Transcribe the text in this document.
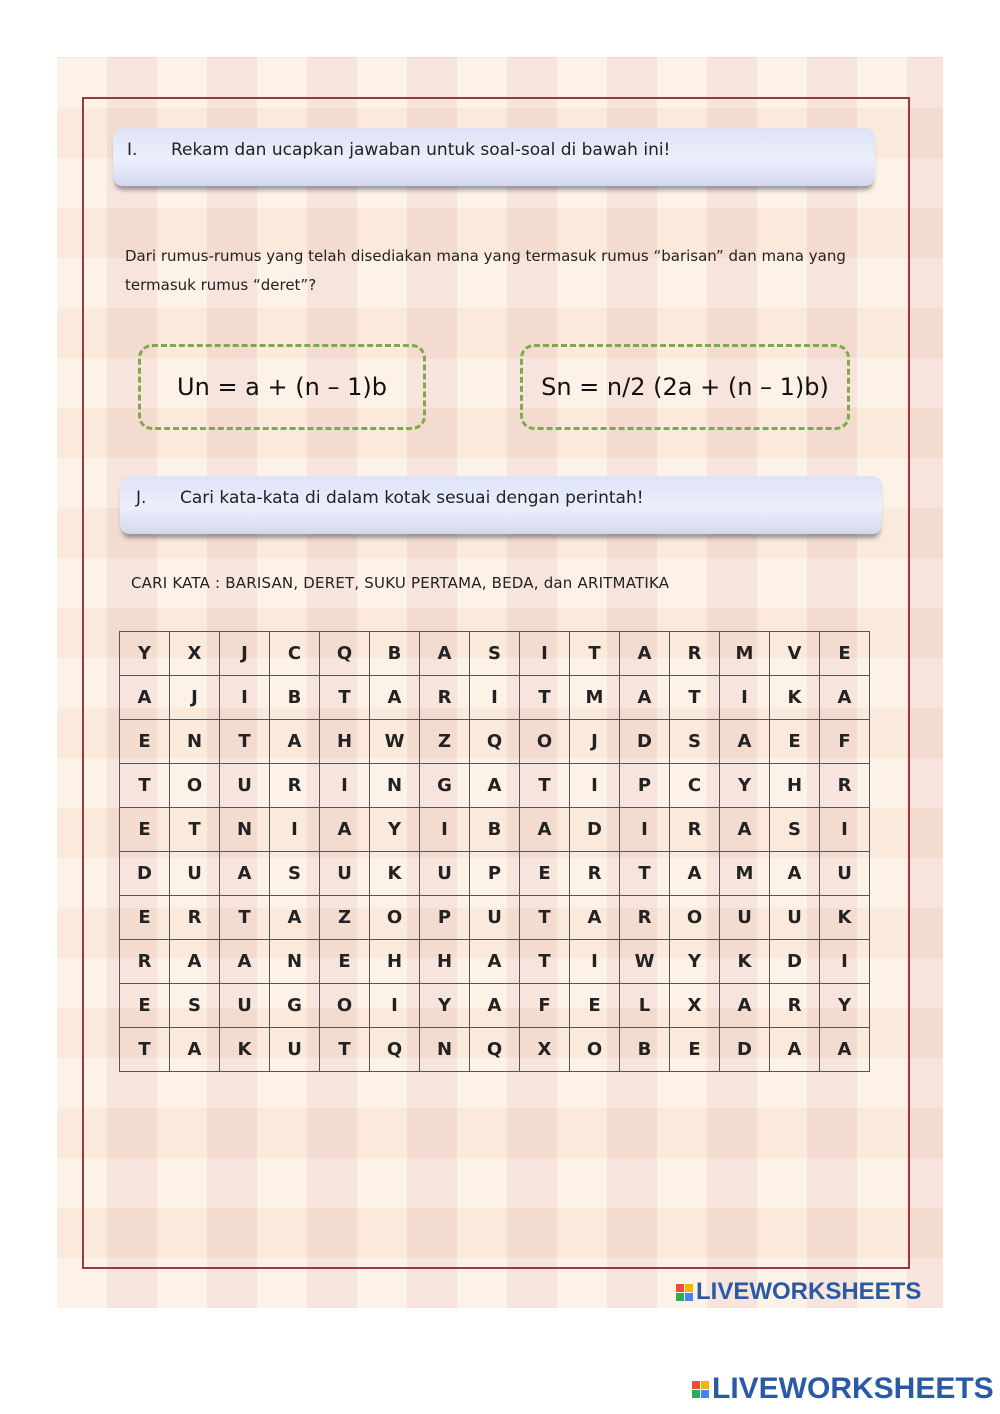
I.	Rekam dan ucapkan jawaban untuk soal-soal di bawah ini!
Dari rumus-rumus yang telah disediakan mana yang termasuk rumus “barisan” dan mana yang termasuk rumus “deret”?
Un = a + (n – 1)b	Sn = n/2 (2a + (n – 1)b)
J.	Cari kata-kata di dalam kotak sesuai dengan perintah!
CARI KATA : BARISAN, DERET, SUKU PERTAMA, BEDA, dan ARITMATIKA
Y	X	J	C	Q	B	A	S	I	T	A	R	M	V	E
A	J	I	B	T	A	R	I	T	M	A	T	I	K	A
E	N	T	A	H	W	Z	Q	O	J	D	S	A	E	F
T	O	U	R	I	N	G	A	T	I	P	C	Y	H	R
E	T	N	I	A	Y	I	B	A	D	I	R	A	S	I
D	U	A	S	U	K	U	P	E	R	T	A	M	A	U
E	R	T	A	Z	O	P	U	T	A	R	O	U	U	K
R	A	A	N	E	H	H	A	T	I	W	Y	K	D	I
E	S	U	G	O	I	Y	A	F	E	L	X	A	R	Y
T	A	K	U	T	Q	N	Q	X	O	B	E	D	A	A
LIVEWORKSHEETS
LIVEWORKSHEETS
